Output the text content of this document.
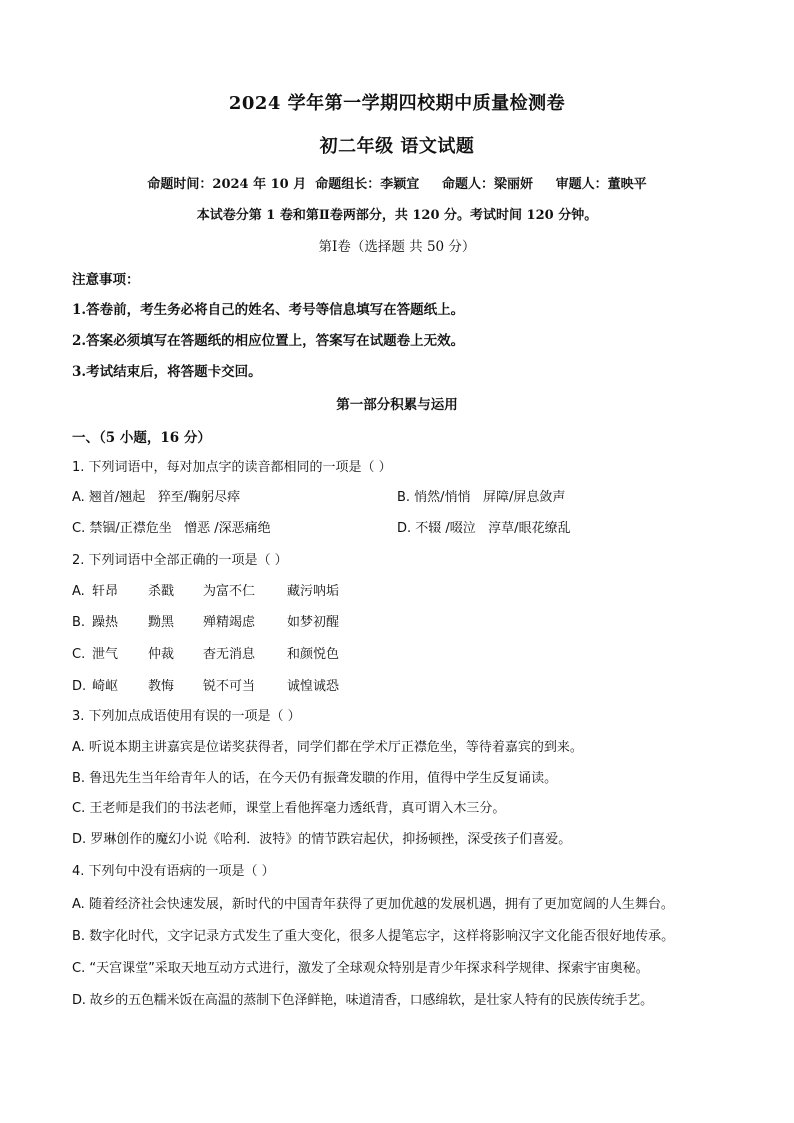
2024 学年第一学期四校期中质量检测卷
初二年级 语文试题
命题时间：2024 年 10 月  命题组长：李颖宜     命题人：梁丽妍     审题人：董映平
本试卷分第 1 卷和第Ⅱ卷两部分，共 120 分。考试时间 120 分钟。
第Ⅰ卷（选择题 共 50 分）
注意事项：
1.答卷前，考生务必将自己的姓名、考号等信息填写在答题纸上。
2.答案必须填写在答题纸的相应位置上，答案写在试题卷上无效。
3.考试结束后，将答题卡交回。
第一部分积累与运用
一、（5 小题，16 分）
1. 下列词语中，每对加点字的读音都相同的一项是（ ）
A. 翘首/翘起   猝至/鞠躬尽瘁	B. 悄然/悄悄   屏障/屏息敛声
C. 禁锢/正襟危坐   憎恶 /深恶痛绝	D. 不辍 /啜泣   淳草/眼花缭乱
2. 下列词语中全部正确的一项是（ ）
A. 轩昂 杀戳 为富不仁 藏污呐垢
B. 躁热 黝黑 殚精竭虑 如梦初醒
C. 泄气 仲裁 杳无消息 和颜悦色
D. 崎岖 教悔 锐不可当 诚惶诚恐
3. 下列加点成语使用有误的一项是（ ）
A. 听说本期主讲嘉宾是位诺奖获得者，同学们都在学术厅正襟危坐，等待着嘉宾的到来。
B. 鲁迅先生当年给青年人的话，在今天仍有振聋发聩的作用，值得中学生反复诵读。
C. 王老师是我们的书法老师，课堂上看他挥毫力透纸背，真可谓入木三分。
D. 罗琳创作的魔幻小说《哈利．波特》的情节跌宕起伏，抑扬顿挫，深受孩子们喜爱。
4. 下列句中没有语病的一项是（ ）
A. 随着经济社会快速发展，新时代的中国青年获得了更加优越的发展机遇，拥有了更加宽阔的人生舞台。
B. 数字化时代，文字记录方式发生了重大变化，很多人提笔忘字，这样将影响汉字文化能否很好地传承。
C. “天宫课堂”采取天地互动方式进行，激发了全球观众特别是青少年探求科学规律、探索宇宙奥秘。
D. 故乡的五色糯米饭在高温的蒸制下色泽鲜艳，味道清香，口感绵软，是壮家人特有的民族传统手艺。
